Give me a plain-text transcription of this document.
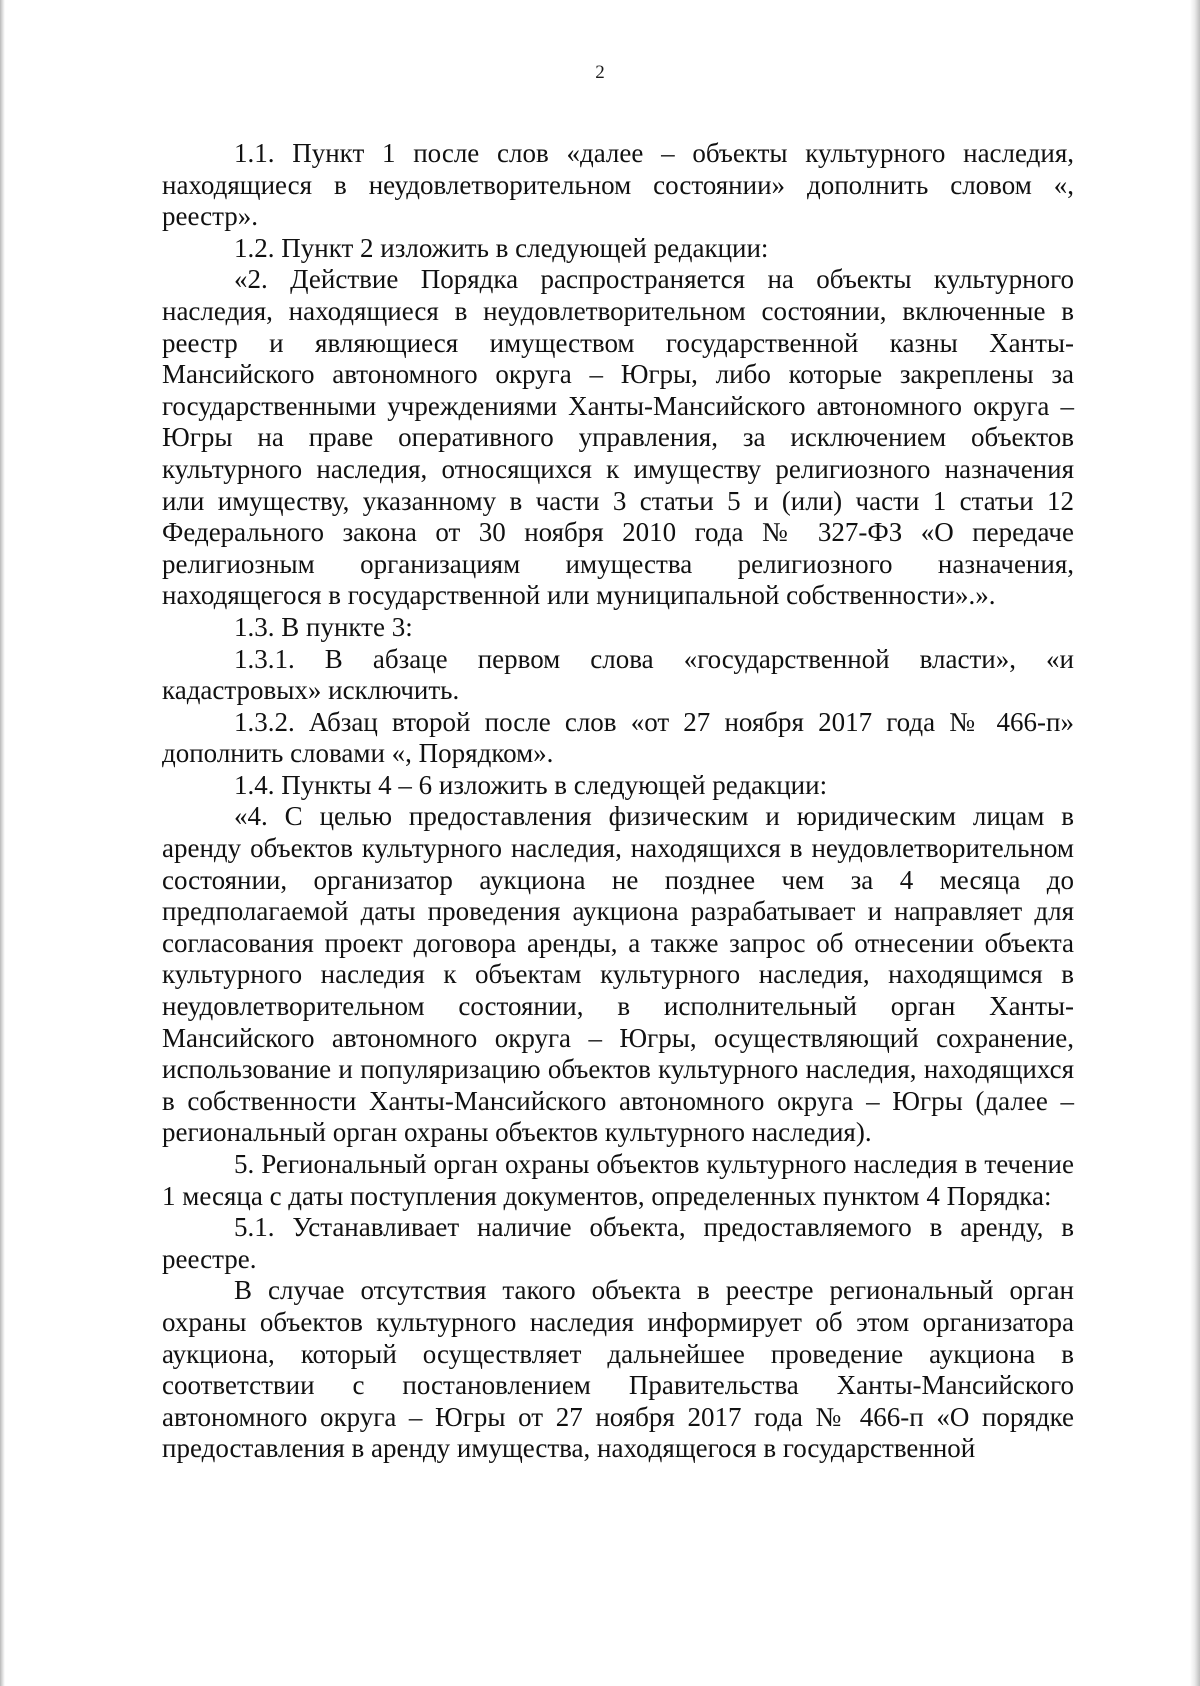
2

1.1. Пункт 1 после слов «далее – объекты культурного наследия, находящиеся в неудовлетворительном состоянии» дополнить словом «, реестр».

1.2. Пункт 2 изложить в следующей редакции:

«2. Действие Порядка распространяется на объекты культурного наследия, находящиеся в неудовлетворительном состоянии, включенные в реестр и являющиеся имуществом государственной казны Ханты-Мансийского автономного округа – Югры, либо которые закреплены за государственными учреждениями Ханты-Мансийского автономного округа – Югры на праве оперативного управления, за исключением объектов культурного наследия, относящихся к имуществу религиозного назначения или имуществу, указанному в части 3 статьи 5 и (или) части 1 статьи 12 Федерального закона от 30 ноября 2010 года № 327-ФЗ «О передаче религиозным организациям имущества религиозного назначения, находящегося в государственной или муниципальной собственности».».

1.3. В пункте 3:

1.3.1. В абзаце первом слова «государственной власти», «и кадастровых» исключить.

1.3.2. Абзац второй после слов «от 27 ноября 2017 года № 466-п» дополнить словами «, Порядком».

1.4. Пункты 4 – 6 изложить в следующей редакции:

«4. С целью предоставления физическим и юридическим лицам в аренду объектов культурного наследия, находящихся в неудовлетворительном состоянии, организатор аукциона не позднее чем за 4 месяца до предполагаемой даты проведения аукциона разрабатывает и направляет для согласования проект договора аренды, а также запрос об отнесении объекта культурного наследия к объектам культурного наследия, находящимся в неудовлетворительном состоянии, в исполнительный орган Ханты-Мансийского автономного округа – Югры, осуществляющий сохранение, использование и популяризацию объектов культурного наследия, находящихся в собственности Ханты-Мансийского автономного округа – Югры (далее – региональный орган охраны объектов культурного наследия).

5. Региональный орган охраны объектов культурного наследия в течение 1 месяца с даты поступления документов, определенных пунктом 4 Порядка:

5.1. Устанавливает наличие объекта, предоставляемого в аренду, в реестре.

В случае отсутствия такого объекта в реестре региональный орган охраны объектов культурного наследия информирует об этом организатора аукциона, который осуществляет дальнейшее проведение аукциона в соответствии с постановлением Правительства Ханты-Мансийского автономного округа – Югры от 27 ноября 2017 года № 466-п «О порядке предоставления в аренду имущества, находящегося в государственной
